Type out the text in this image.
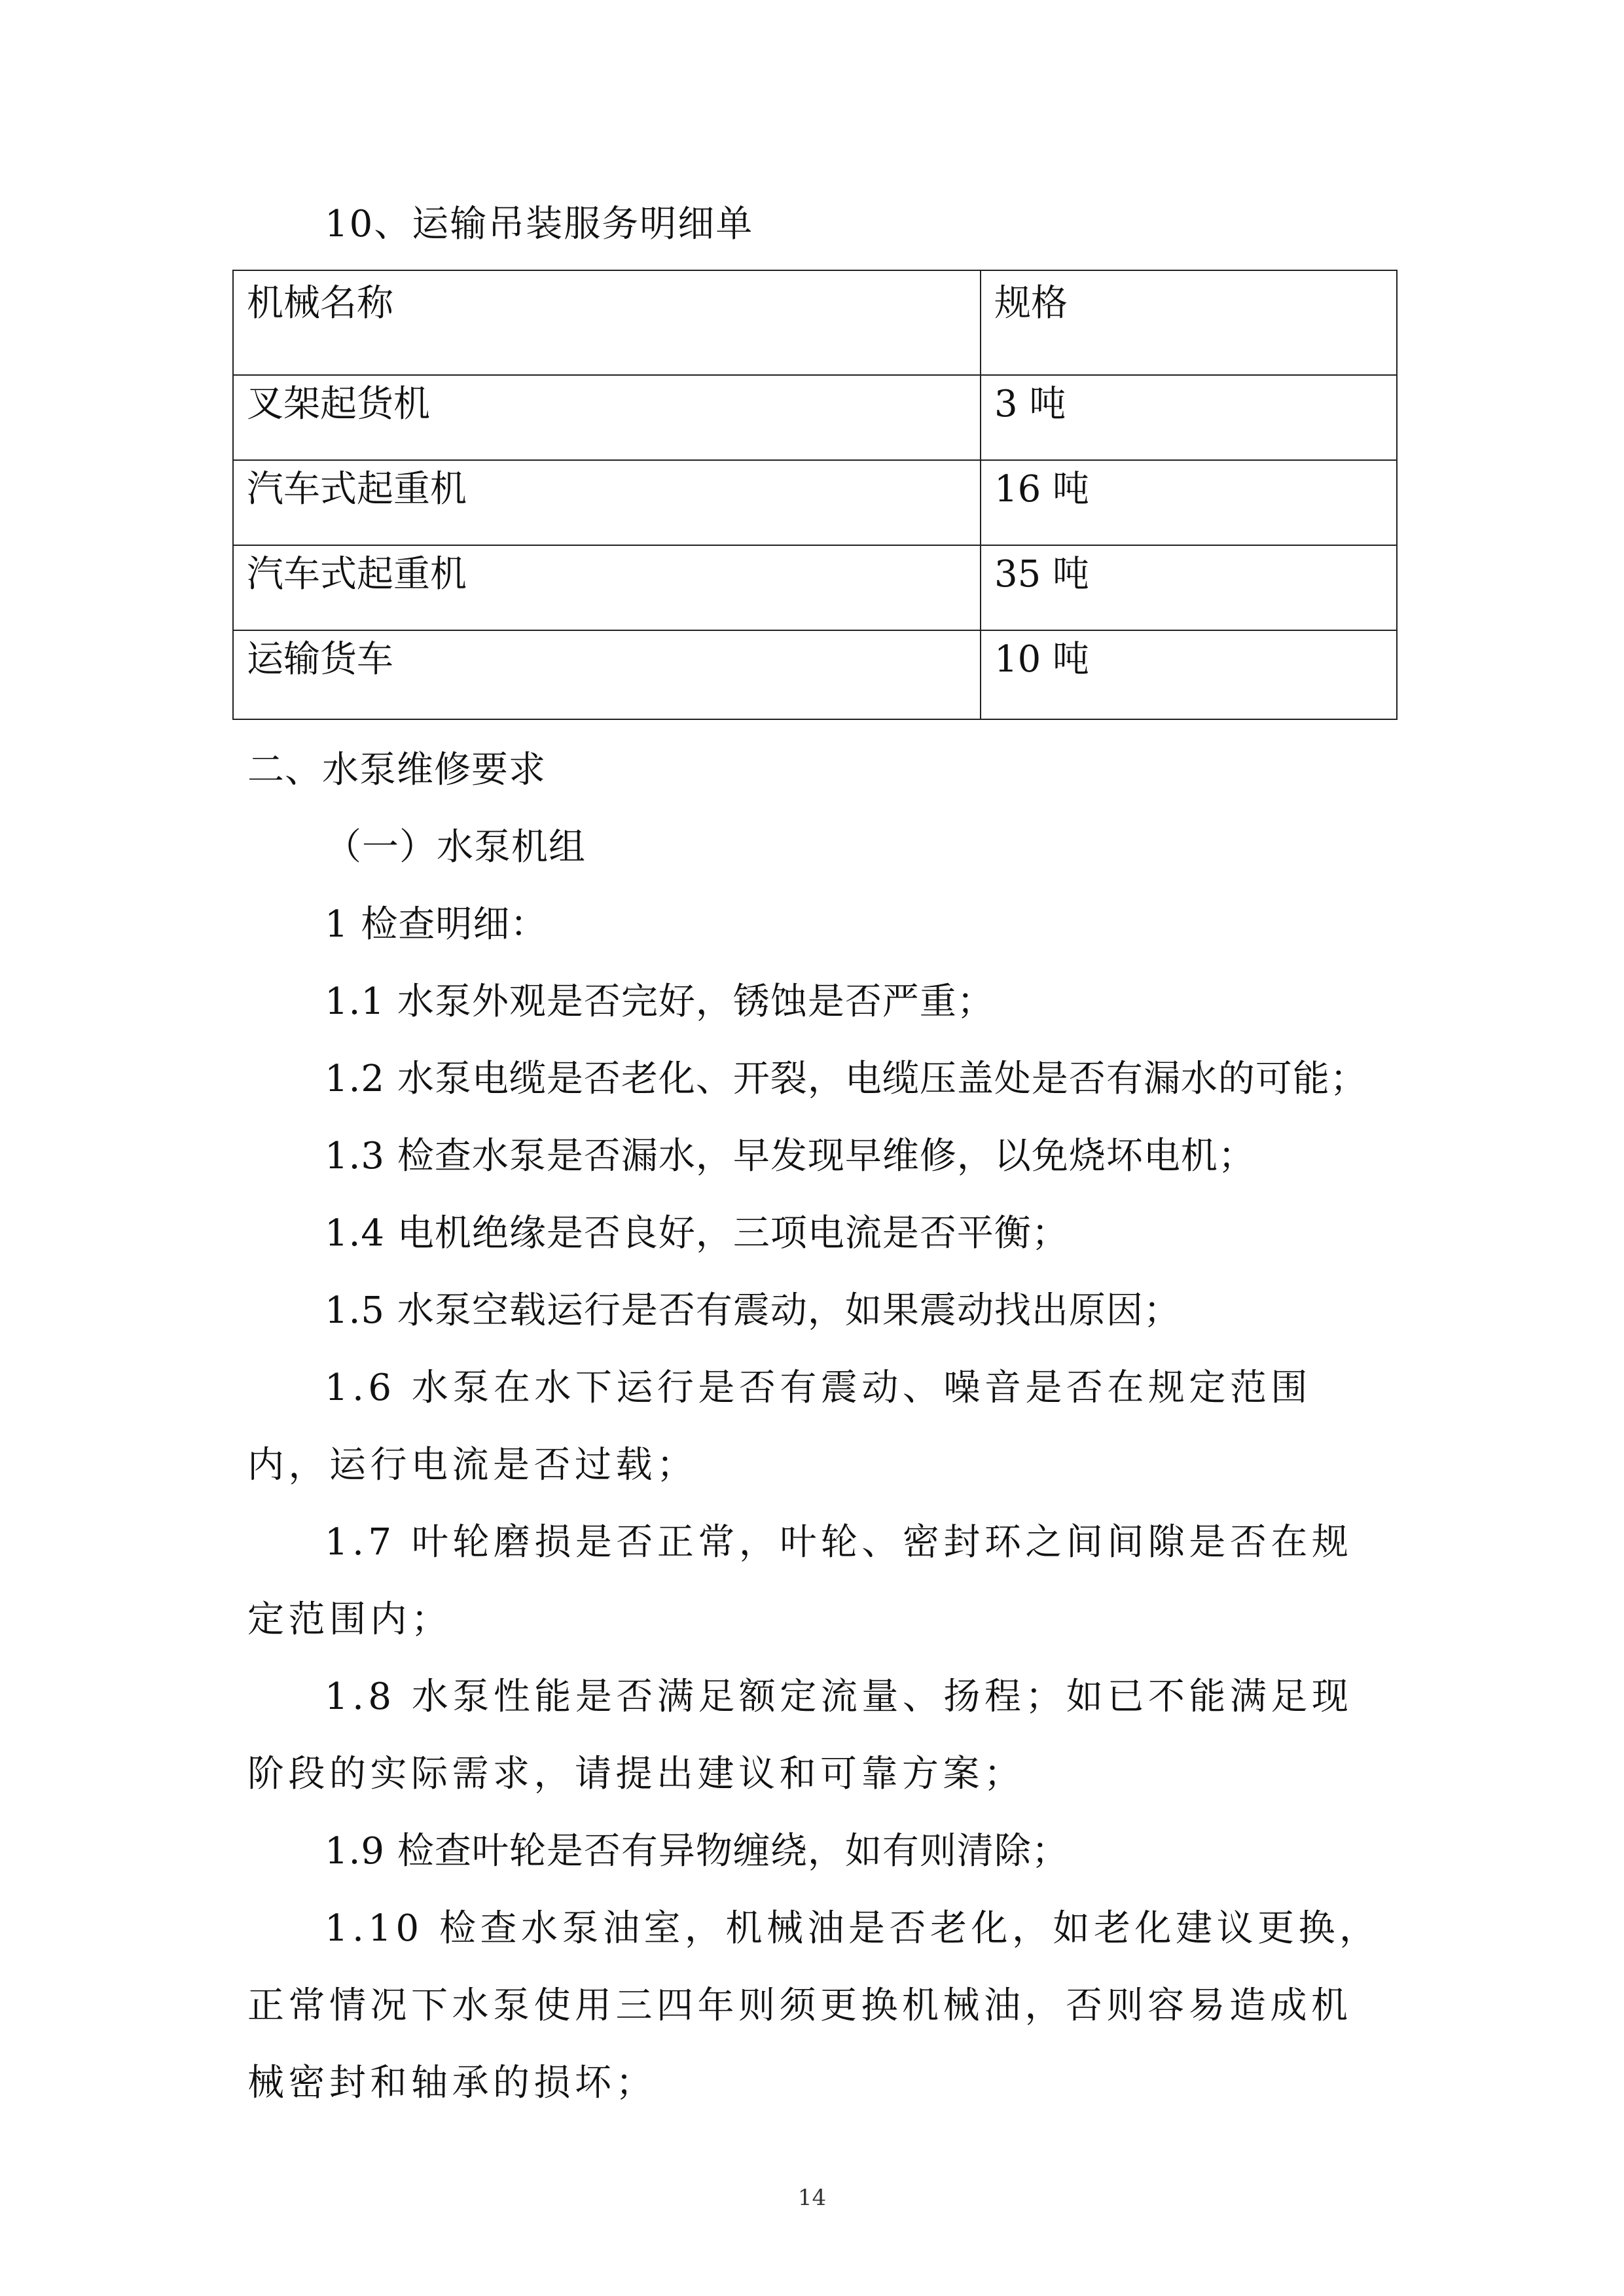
10、运输吊装服务明细单
机械名称	规格
叉架起货机	3 吨
汽车式起重机	16 吨
汽车式起重机	35 吨
运输货车	10 吨
二、水泵维修要求
（一）水泵机组
1 检查明细：
1.1 水泵外观是否完好，锈蚀是否严重；
1.2 水泵电缆是否老化、开裂，电缆压盖处是否有漏水的可能；
1.3 检查水泵是否漏水，早发现早维修，以免烧坏电机；
1.4 电机绝缘是否良好，三项电流是否平衡；
1.5 水泵空载运行是否有震动，如果震动找出原因；
1.6 水泵在水下运行是否有震动、噪音是否在规定范围内，运行电流是否过载；
1.7 叶轮磨损是否正常，叶轮、密封环之间间隙是否在规定范围内；
1.8 水泵性能是否满足额定流量、扬程；如已不能满足现阶段的实际需求，请提出建议和可靠方案；
1.9 检查叶轮是否有异物缠绕，如有则清除；
1.10 检查水泵油室，机械油是否老化，如老化建议更换，正常情况下水泵使用三四年则须更换机械油，否则容易造成机械密封和轴承的损坏；
14
